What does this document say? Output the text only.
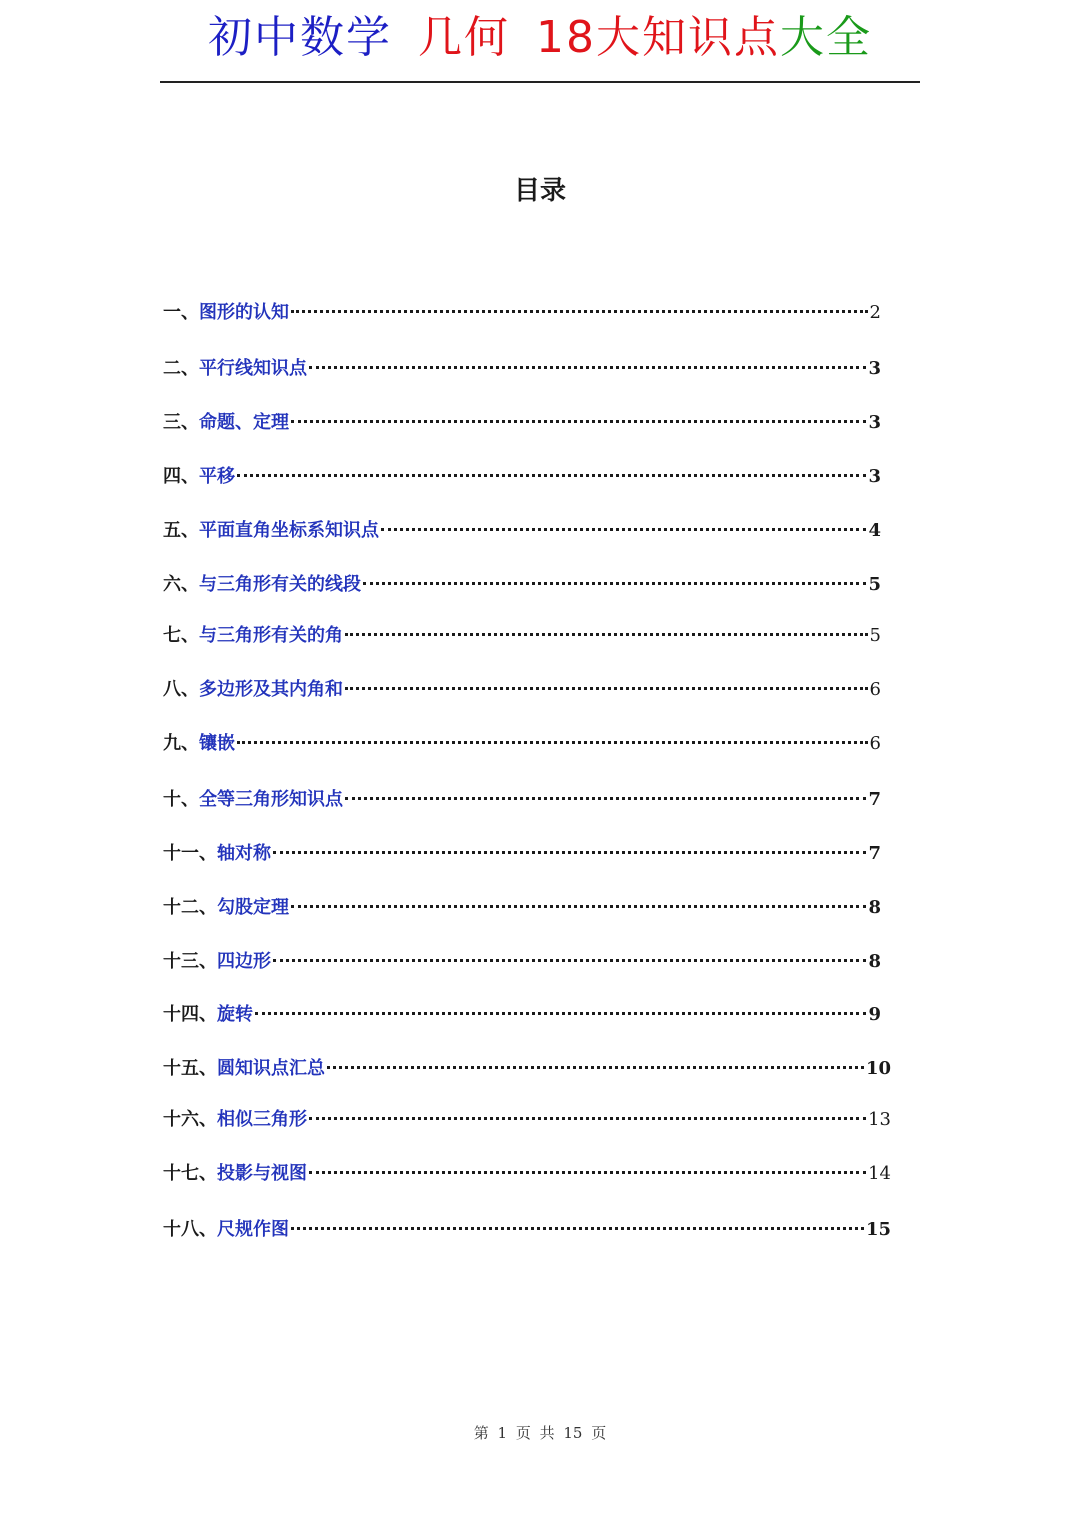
初中数学 几何 18大知识点大全
目录
一、 图形的认知	2
二、 平行线知识点	3
三、 命题、定理	3
四、 平移	3
五、 平面直角坐标系知识点	4
六、 与三角形有关的线段	5
七、 与三角形有关的角	5
八、 多边形及其内角和	6
九、 镶嵌	6
十、 全等三角形知识点	7
十一、 轴对称	7
十二、 勾股定理	8
十三、 四边形	8
十四、 旋转	9
十五、 圆知识点汇总	10
十六、 相似三角形	13
十七、 投影与视图	14
十八、 尺规作图	15
第 1 页 共 15 页
